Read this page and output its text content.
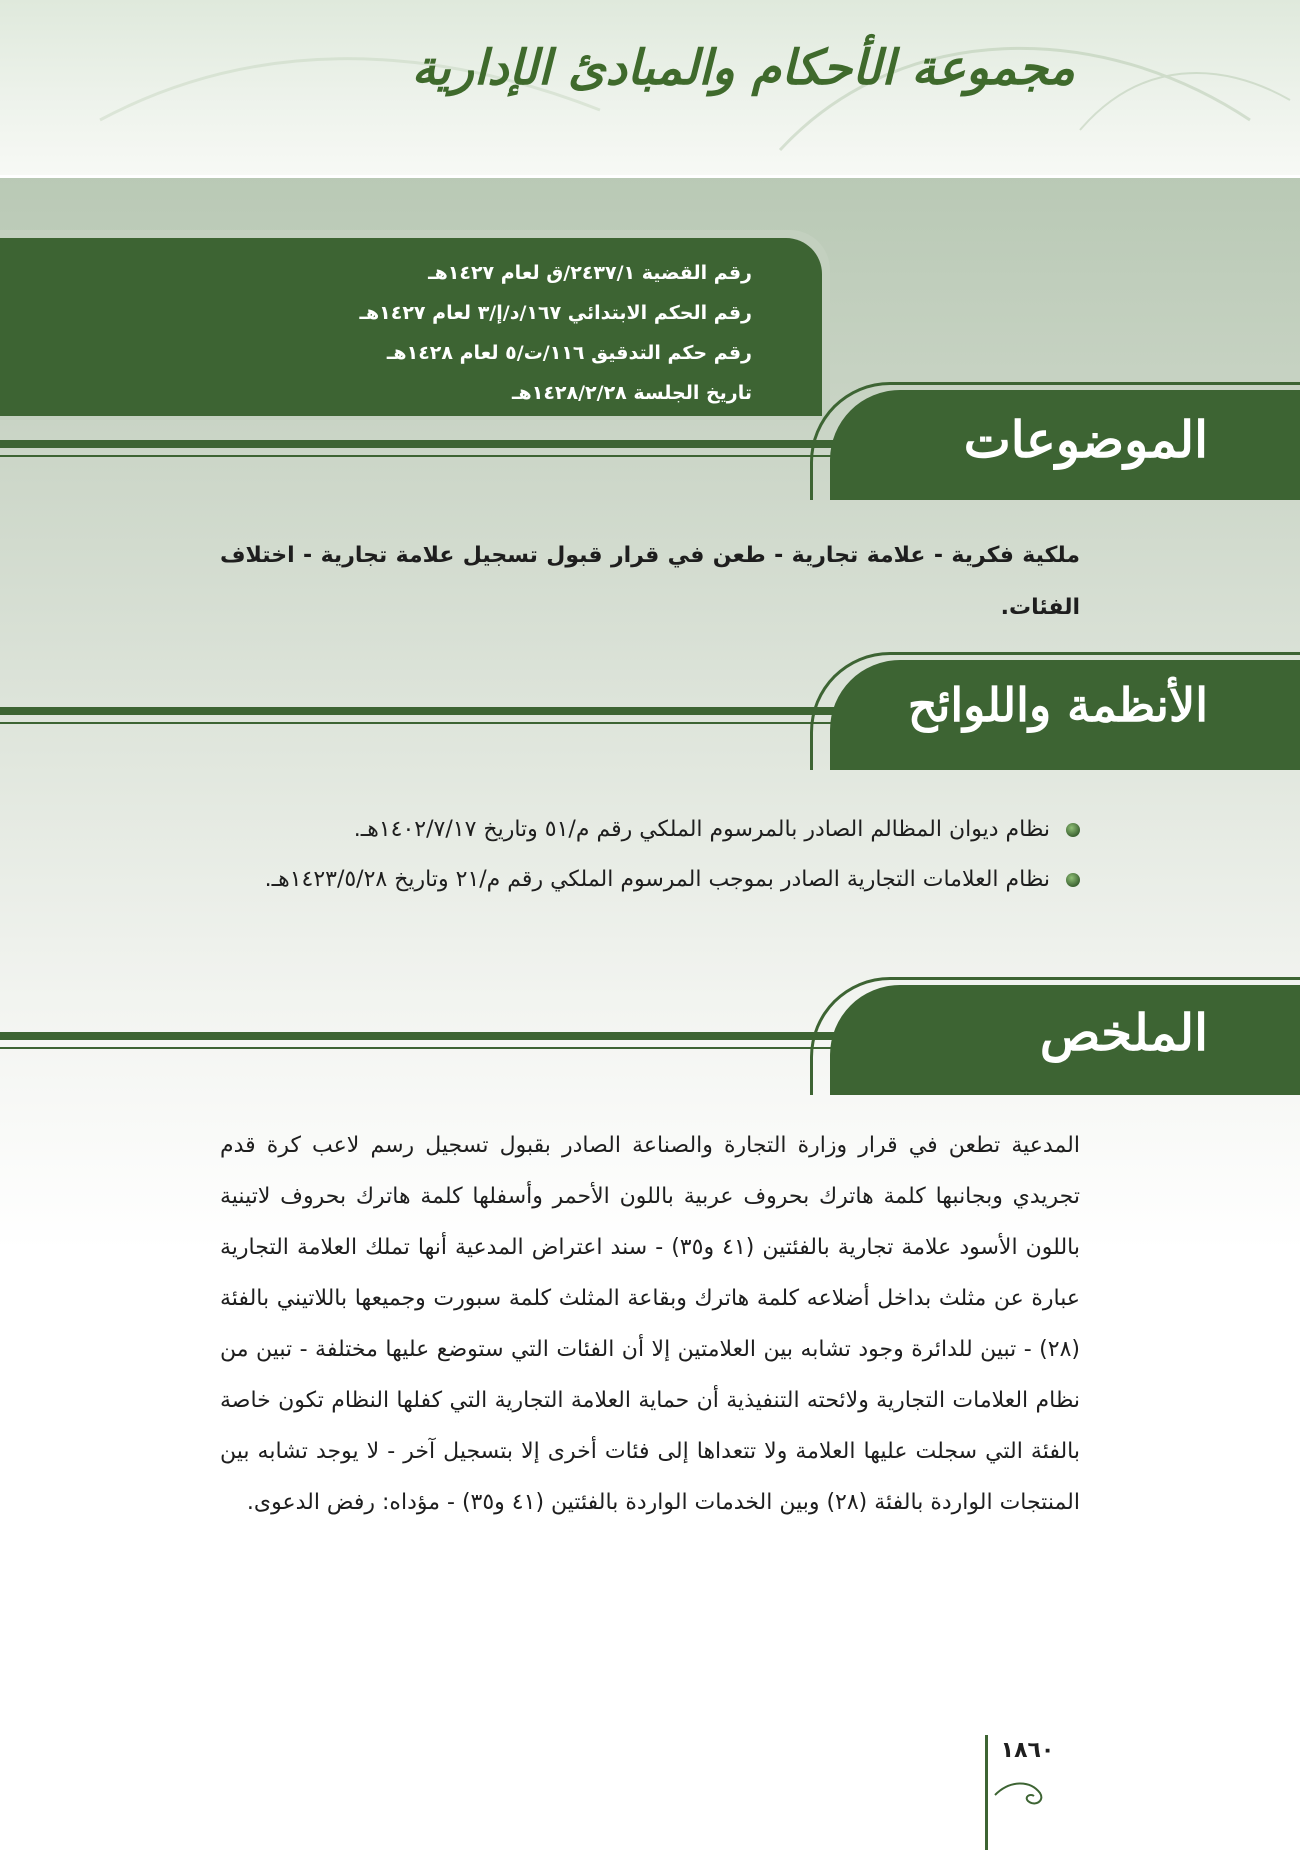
مجموعة الأحكام والمبادئ الإدارية
رقم القضية ٢٤٣٧/١/ق لعام ١٤٢٧هـ
رقم الحكم الابتدائي ١٦٧/د/إ/٣ لعام ١٤٢٧هـ
رقم حكم التدقيق ١١٦/ت/٥ لعام ١٤٢٨هـ
تاريخ الجلسة ١٤٢٨/٢/٢٨هـ
الموضوعات
ملكية فكرية - علامة تجارية - طعن في قرار قبول تسجيل علامة تجارية - اختلاف الفئات.
الأنظمة واللوائح
نظام ديوان المظالم الصادر بالمرسوم الملكي رقم م/٥١ وتاريخ ١٤٠٢/٧/١٧هـ.
نظام العلامات التجارية الصادر بموجب المرسوم الملكي رقم م/٢١ وتاريخ ١٤٢٣/٥/٢٨هـ.
الملخص
المدعية تطعن في قرار وزارة التجارة والصناعة الصادر بقبول تسجيل رسم لاعب كرة قدم تجريدي وبجانبها كلمة هاترك بحروف عربية باللون الأحمر وأسفلها كلمة هاترك بحروف لاتينية باللون الأسود علامة تجارية بالفئتين (٤١ و٣٥) - سند اعتراض المدعية أنها تملك العلامة التجارية عبارة عن مثلث بداخل أضلاعه كلمة هاترك وبقاعة المثلث كلمة سبورت وجميعها باللاتيني بالفئة (٢٨) - تبين للدائرة وجود تشابه بين العلامتين إلا أن الفئات التي ستوضع عليها مختلفة - تبين من نظام العلامات التجارية ولائحته التنفيذية أن حماية العلامة التجارية التي كفلها النظام تكون خاصة بالفئة التي سجلت عليها العلامة ولا تتعداها إلى فئات أخرى إلا بتسجيل آخر - لا يوجد تشابه بين المنتجات الواردة بالفئة (٢٨) وبين الخدمات الواردة بالفئتين (٤١ و٣٥) - مؤداه: رفض الدعوى.
١٨٦٠
